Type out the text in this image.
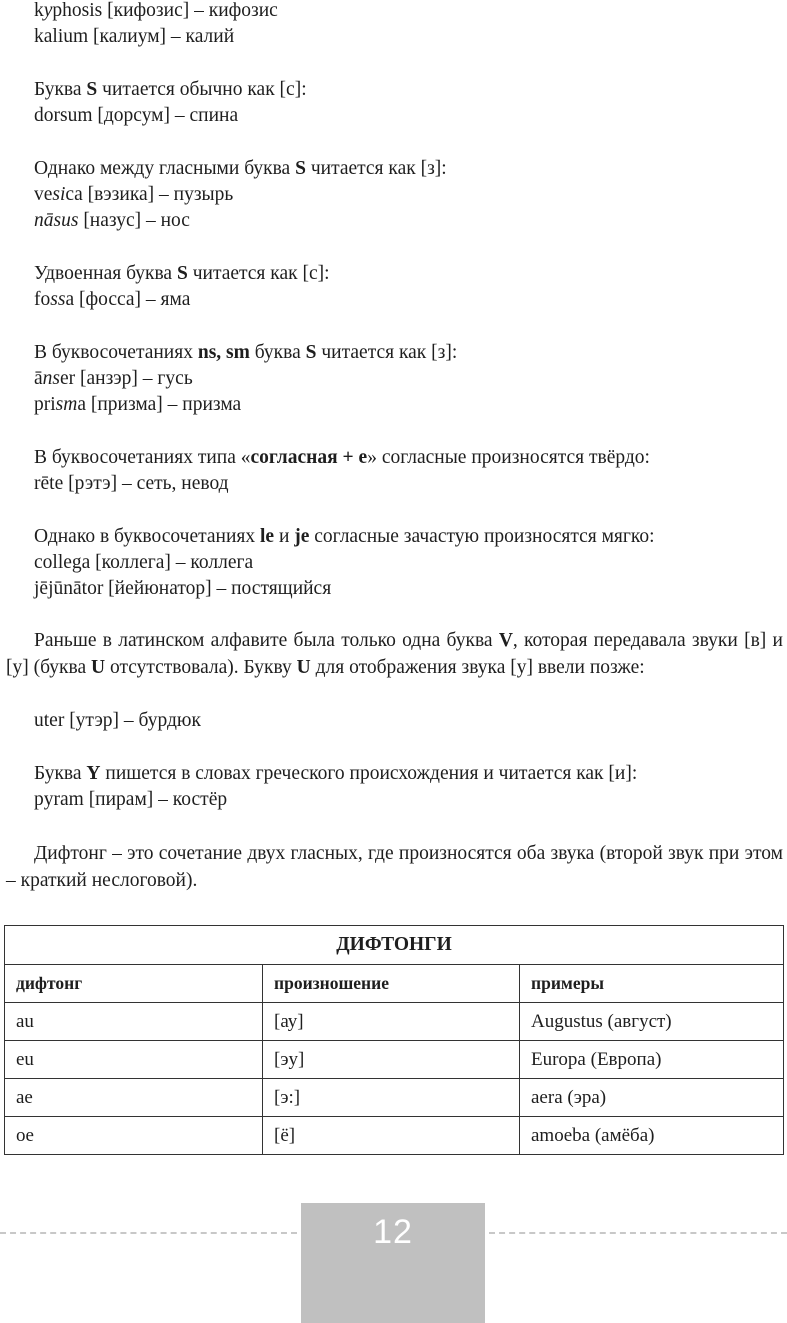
kyphosis [кифозис] – кифозис
kalium [калиум] – калий
Буква S читается обычно как [с]:
dorsum [дорсум] – спина
Однако между гласными буква S читается как [з]:
vesica [вэзика] – пузырь
nāsus [назус] – нос
Удвоенная буква S читается как [с]:
fossa [фосса] – яма
В буквосочетаниях ns, sm буква S читается как [з]:
ānser [анзэр] – гусь
prisma [призма] – призма
В буквосочетаниях типа «согласная + е» согласные произносятся твёрдо:
rēte [рэтэ] – сеть, невод
Однако в буквосочетаниях le и je согласные зачастую произносятся мягко:
collega [коллега] – коллега
jējūnātor [йейюнатор] – постящийся
Раньше в латинском алфавите была только одна буква V, которая передавала звуки [в] и [у] (буква U отсутствовала). Букву U для отображения звука [у] ввели позже:
uter [утэр] – бурдюк
Буква Y пишется в словах греческого происхождения и читается как [и]:
pyram [пирам] – костёр
Дифтонг – это сочетание двух гласных, где произносятся оба звука (второй звук при этом – краткий неслоговой).
ДИФТОНГИ		
дифтонг	произношение	примеры
au	[ау]	Augustus (август)
eu	[эу]	Europa (Европа)
ae	[э:]	aera (эра)
oe	[ё]	amoeba (амёба)
12
